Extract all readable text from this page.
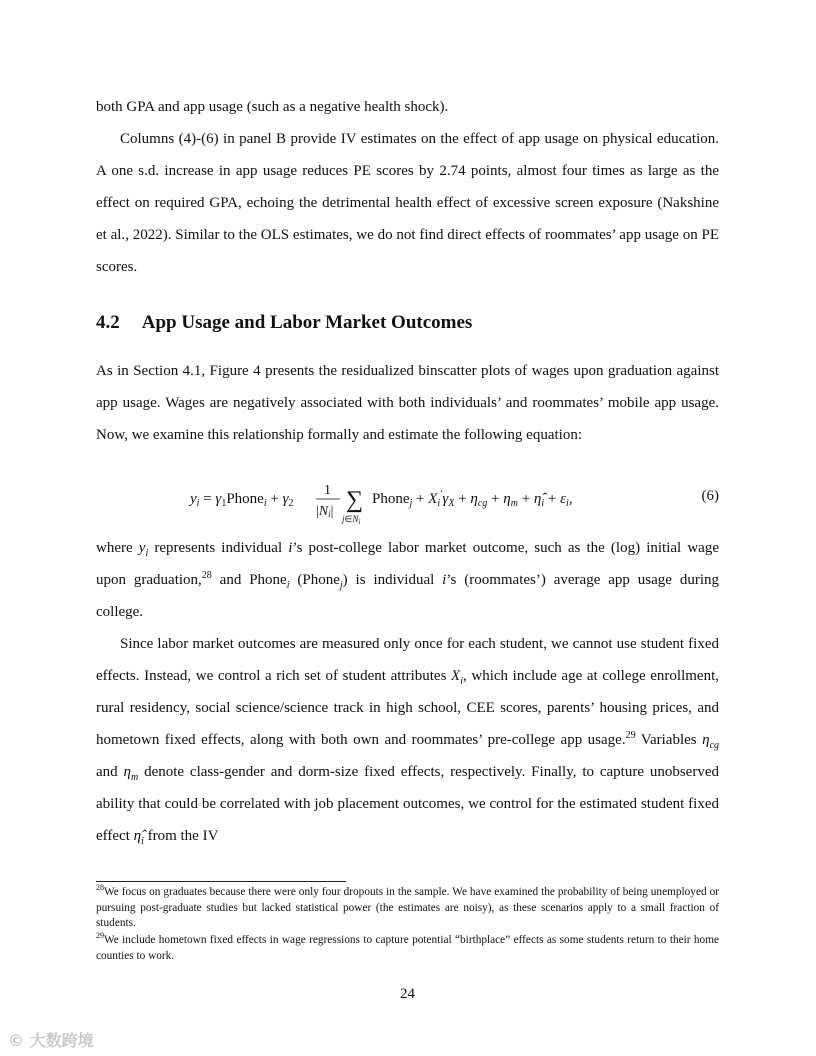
both GPA and app usage (such as a negative health shock).
Columns (4)-(6) in panel B provide IV estimates on the effect of app usage on physical education. A one s.d. increase in app usage reduces PE scores by 2.74 points, almost four times as large as the effect on required GPA, echoing the detrimental health effect of excessive screen exposure (Nakshine et al., 2022). Similar to the OLS estimates, we do not find direct effects of roommates’ app usage on PE scores.
4.2 App Usage and Labor Market Outcomes
As in Section 4.1, Figure 4 presents the residualized binscatter plots of wages upon graduation against app usage. Wages are negatively associated with both individuals’ and roommates’ mobile app usage. Now, we examine this relationship formally and estimate the following equation:
$y_i$ = $\gamma_1Phone_i + \gamma_2$
1
|Ni| ∑
$j\in N_i$
Phone$_j$ + $X_i'\gamma_X + \eta_{cg} + \eta_m$ + $\etâ_i + \varepsilon_i$,	(6)
where $y_i$ represents individual i’s post-college labor market outcome, such as the (log) initial wage upon graduation,$^{28}$ and Phone$_i$ (Phone$_j$) is individual i’s (roommates’) average app usage during college.
Since labor market outcomes are measured only once for each student, we cannot use student fixed effects. Instead, we control a rich set of student attributes $X_i$, which include age at college enrollment, rural residency, social science/science track in high school, CEE scores, parents’ housing prices, and hometown fixed effects, along with both own and roommates’ pre-college app usage.$^{29}$ Variables $\eta_{cg}$ and $\eta_m$ denote class-gender and dorm-size fixed effects, respectively. Finally, to capture unobserved ability that could be correlated with job placement outcomes, we control for the estimated student fixed effect $\etâ_i$ from the IV
$^{28}$We focus on graduates because there were only four dropouts in the sample. We have examined the probability of being unemployed or pursuing post-graduate studies but lacked statistical power (the estimates are noisy), as these scenarios apply to a small fraction of students.
$^{29}$We include hometown fixed effects in wage regressions to capture potential “birthplace” effects as some students return to their home counties to work.
24
© 大数跨境
